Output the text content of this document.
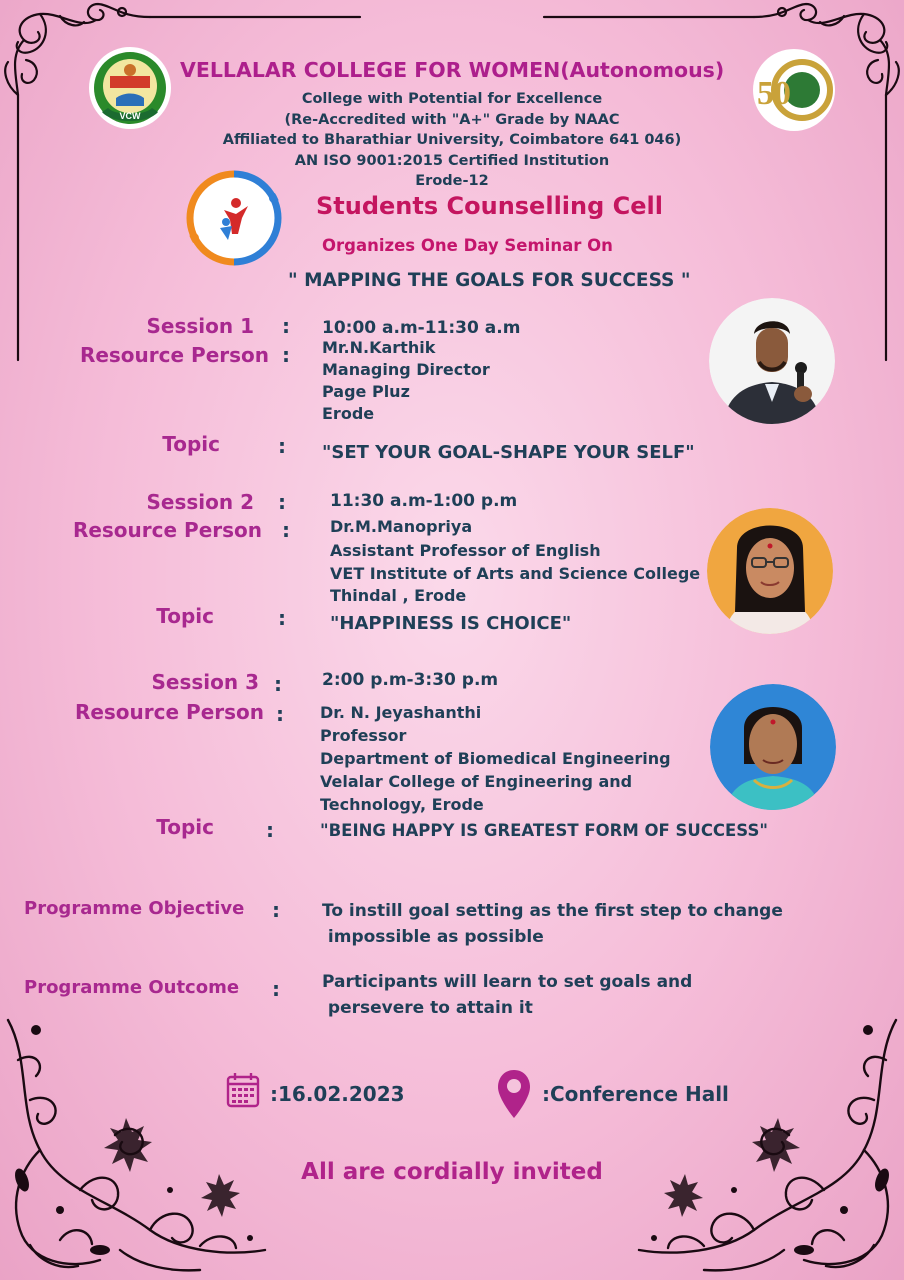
VCW
50
VELLALAR COLLEGE FOR WOMEN(Autonomous)
College with Potential for Excellence
(Re-Accredited with "A+" Grade by NAAC
Affiliated to Bharathiar University, Coimbatore 641 046)
AN ISO 9001:2015 Certified Institution
Erode-12
Students Counselling Cell
Organizes One Day Seminar On
" MAPPING THE GOALS FOR SUCCESS "
Session 1 : 10:00 a.m-11:30 a.m
Resource Person : Mr.N.Karthik
Managing Director
Page Pluz
Erode
Topic	: "SET YOUR GOAL-SHAPE YOUR SELF"
Session 2 :	11:30 a.m-1:00 p.m
Resource Person :	Dr.M.Manopriya
Assistant Professor of English
VET Institute of Arts and Science College
Thindal , Erode
Topic	: "HAPPINESS IS CHOICE"
Session 3 : 2:00 p.m-3:30 p.m
Resource Person : Dr. N. Jeyashanthi
Professor
Department of Biomedical Engineering
Velalar College of Engineering and
Technology, Erode
Topic	:	"BEING HAPPY IS GREATEST FORM OF SUCCESS"
Programme Objective : To instill goal setting as the first step to change
impossible as possible
Programme Outcome : Participants will learn to set goals and
persevere to attain it
:16.02.2023	:Conference Hall
All are cordially invited
